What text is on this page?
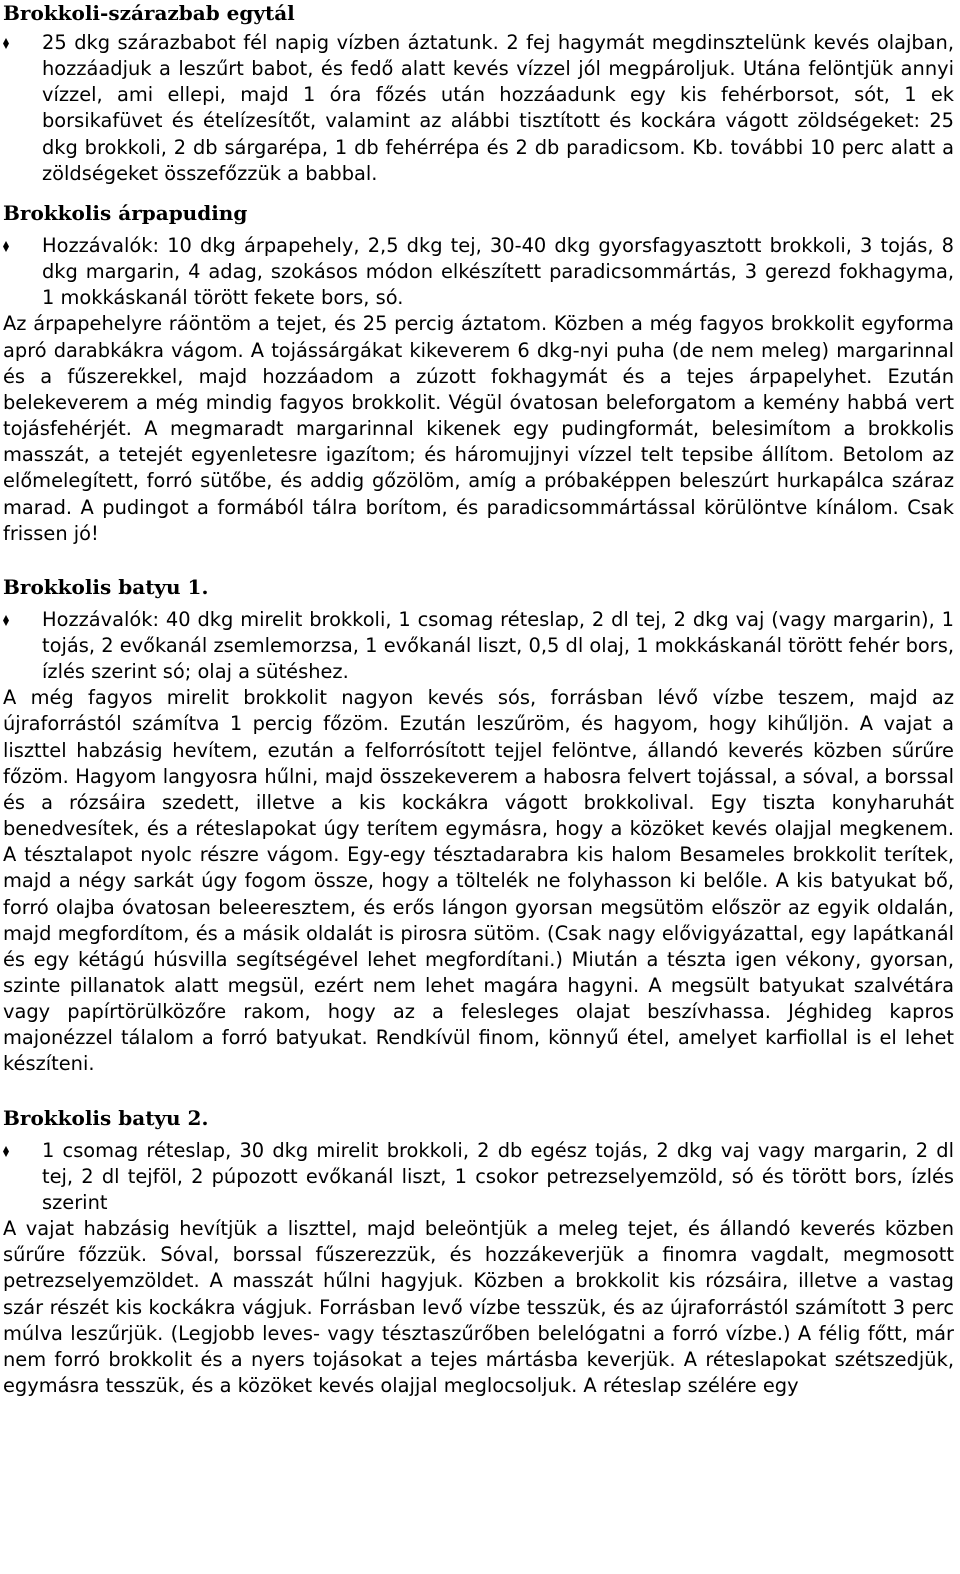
Brokkoli-szárazbab egytál
25 dkg szárazbabot fél napig vízben áztatunk. 2 fej hagymát megdinsztelünk kevés olajban, hozzáadjuk a leszűrt babot, és fedő alatt kevés vízzel jól megpároljuk. Utána felöntjük annyi vízzel, ami ellepi, majd 1 óra főzés után hozzáadunk egy kis fehérborsot, sót, 1 ek borsikafüvet és ételízesítőt, valamint az alábbi tisztított és kockára vágott zöldségeket: 25 dkg brokkoli, 2 db sárgarépa, 1 db fehérrépa és 2 db paradicsom. Kb. további 10 perc alatt a zöldségeket összefőzzük a babbal.
Brokkolis árpapuding
Hozzávalók: 10 dkg árpapehely, 2,5 dkg tej, 30-40 dkg gyorsfagyasztott brokkoli, 3 tojás, 8 dkg margarin, 4 adag, szokásos módon elkészített paradicsommártás, 3 gerezd fokhagyma, 1 mokkáskanál törött fekete bors, só.

Az árpapehelyre ráöntöm a tejet, és 25 percig áztatom. Közben a még fagyos brokkolit egyforma apró darabkákra vágom. A tojássárgákat kikeverem 6 dkg-nyi puha (de nem meleg) margarinnal és a fűszerekkel, majd hozzáadom a zúzott fokhagymát és a tejes árpapelyhet. Ezután belekeverem a még mindig fagyos brokkolit. Végül óvatosan beleforgatom a kemény habbá vert tojásfehérjét. A megmaradt margarinnal kikenek egy pudingformát, belesimítom a brokkolis masszát, a tetejét egyenletesre igazítom; és háromujjnyi vízzel telt tepsibe állítom. Betolom az előmelegített, forró sütőbe, és addig gőzölöm, amíg a próbaképpen beleszúrt hurkapálca száraz marad. A pudingot a formából tálra borítom, és paradicsommártással körülöntve kínálom. Csak frissen jó!

Brokkolis batyu 1.
Hozzávalók: 40 dkg mirelit brokkoli, 1 csomag réteslap, 2 dl tej, 2 dkg vaj (vagy margarin), 1 tojás, 2 evőkanál zsemlemorzsa, 1 evőkanál liszt, 0,5 dl olaj, 1 mokkáskanál törött fehér bors, ízlés szerint só; olaj a sütéshez.

A még fagyos mirelit brokkolit nagyon kevés sós, forrásban lévő vízbe teszem, majd az újraforrástól számítva 1 percig főzöm. Ezután leszűröm, és hagyom, hogy kihűljön. A vajat a liszttel habzásig hevítem, ezután a felforrósított tejjel felöntve, állandó keverés közben sűrűre főzöm. Hagyom langyosra hűlni, majd összekeverem a habosra felvert tojással, a sóval, a borssal és a rózsáira szedett, illetve a kis kockákra vágott brokkolival. Egy tiszta konyharuhát benedvesítek, és a réteslapokat úgy terítem egymásra, hogy a közöket kevés olajjal megkenem. A tésztalapot nyolc részre vágom. Egy-egy tésztadarabra kis halom Besameles brokkolit terítek, majd a négy sarkát úgy fogom össze, hogy a töltelék ne folyhasson ki belőle. A kis batyukat bő, forró olajba óvatosan beleeresztem, és erős lángon gyorsan megsütöm először az egyik oldalán, majd megfordítom, és a másik oldalát is pirosra sütöm. (Csak nagy elővigyázattal, egy lapátkanál és egy kétágú húsvilla segítségével lehet megfordítani.) Miután a tészta igen vékony, gyorsan, szinte pillanatok alatt megsül, ezért nem lehet magára hagyni. A megsült batyukat szalvétára vagy papírtörülközőre rakom, hogy az a felesleges olajat beszívhassa. Jéghideg kapros majonézzel tálalom a forró batyukat. Rendkívül finom, könnyű étel, amelyet karfiollal is el lehet készíteni.

Brokkolis batyu 2.
1 csomag réteslap, 30 dkg mirelit brokkoli, 2 db egész tojás, 2 dkg vaj vagy margarin, 2 dl tej, 2 dl tejföl, 2 púpozott evőkanál liszt, 1 csokor petrezselyemzöld, só és törött bors, ízlés szerint

A vajat habzásig hevítjük a liszttel, majd beleöntjük a meleg tejet, és állandó keverés közben sűrűre főzzük. Sóval, borssal fűszerezzük, és hozzákeverjük a finomra vagdalt, megmosott petrezselyemzöldet. A masszát hűlni hagyjuk. Közben a brokkolit kis rózsáira, illetve a vastag szár részét kis kockákra vágjuk. Forrásban levő vízbe tesszük, és az újraforrástól számított 3 perc múlva leszűrjük. (Legjobb leves- vagy tésztaszűrőben belelógatni a forró vízbe.) A félig főtt, már nem forró brokkolit és a nyers tojásokat a tejes mártásba keverjük. A réteslapokat szétszedjük, egymásra tesszük, és a közöket kevés olajjal meglocsoljuk. A réteslap szélére egy
